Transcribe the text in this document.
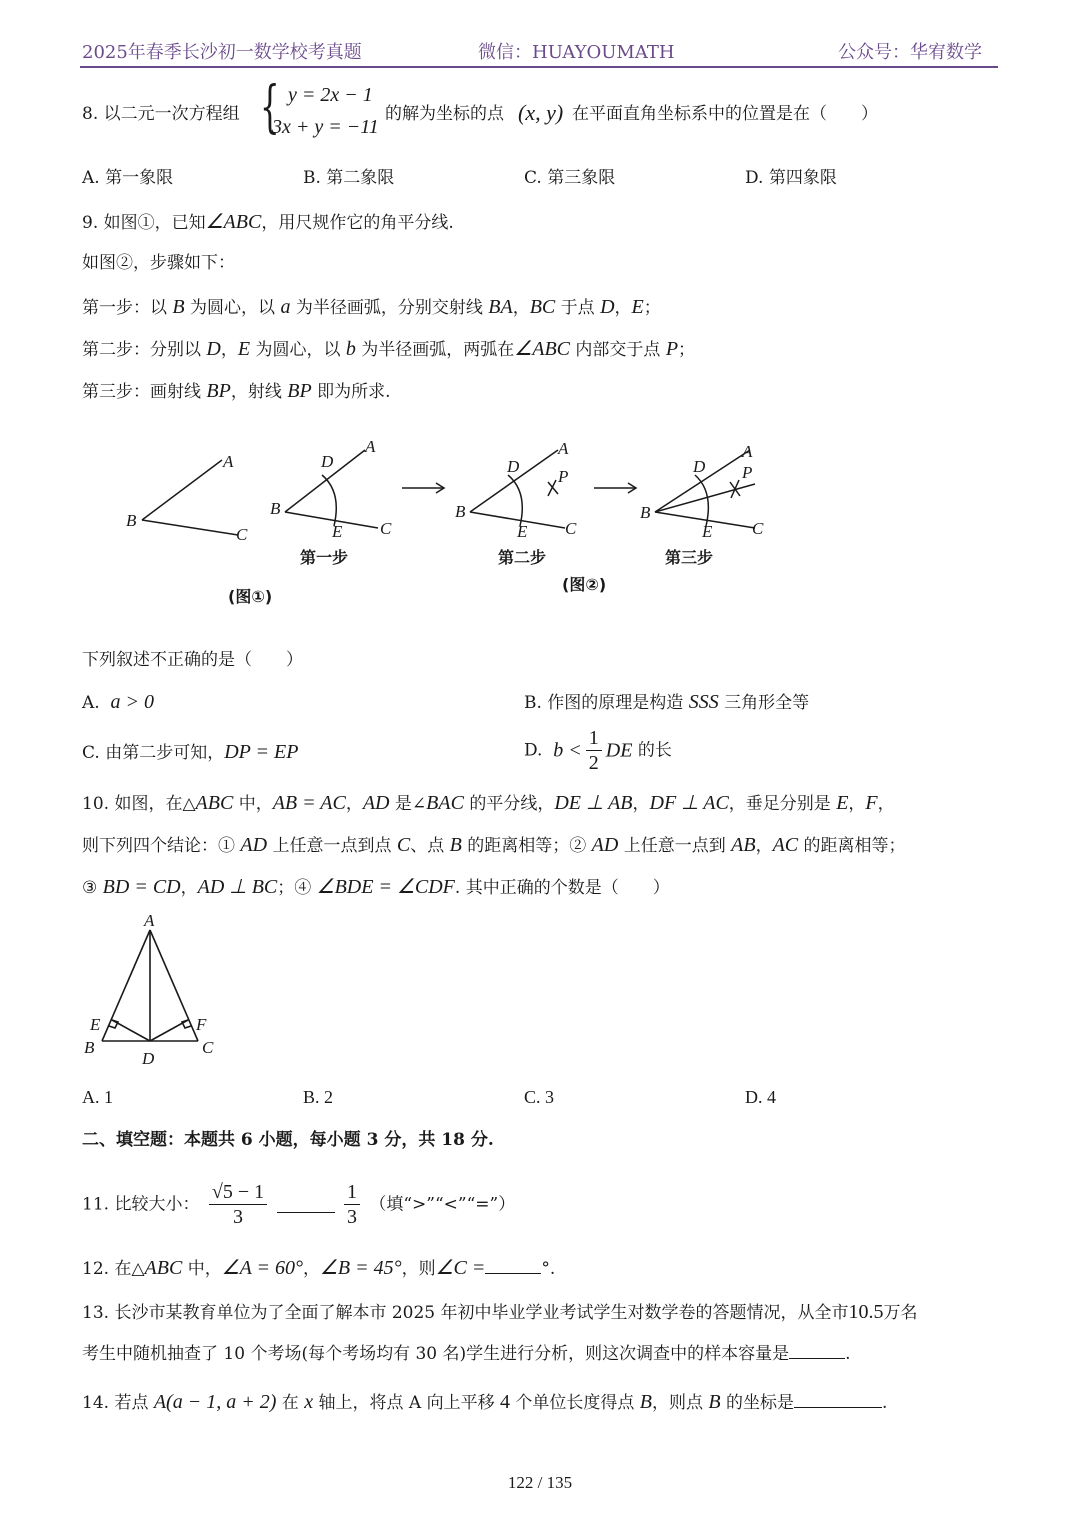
2025年春季长沙初一数学校考真题	微信：HUAYOUMATH	公众号：华宥数学
8. 以二元一次方程组 { y = 2x − 1
3x + y = −11
的解为坐标的点 (x, y) 在平面直角坐标系中的位置是在（　　）
A. 第一象限	B. 第二象限	C. 第三象限	D. 第四象限
9. 如图①，已知∠ABC，用尺规作它的角平分线.
如图②，步骤如下：
第一步：以 B 为圆心，以 a 为半径画弧，分别交射线 BA，BC 于点 D，E；
第二步：分别以 D，E 为圆心，以 b 为半径画弧，两弧在∠ABC 内部交于点 P；
第三步：画射线 BP，射线 BP 即为所求.
A
B
C
(图①)
A
D
B
E C
第一步
A
D
P
B
E C
第二步
(图②)
A
D P
B
E C
第三步
下列叙述不正确的是（　　）
A. a > 0	B. 作图的原理是构造 SSS 三角形全等
C. 由第二步可知，DP = EP	D. $b < \frac{1}{2}$ DE 的长
10. 如图，在△ABC 中，AB = AC，AD 是∠BAC 的平分线，DE ⊥ AB，DF ⊥ AC，垂足分别是 E，F，
则下列四个结论：① AD 上任意一点到点 C、点 B 的距离相等；② AD 上任意一点到 AB，AC 的距离相等；
③ BD = CD，AD ⊥ BC；④ ∠BDE = ∠CDF. 其中正确的个数是（　　）
A
E	F
B	C
D
A. 1	B. 2	C. 3	D. 4
二、填空题：本题共 6 小题，每小题 3 分，共 18 分.
11. 比较大小： $\frac{√5 - 1}{3}$
	$\frac{1}{3}$ （填“>”“<”“=”）
12. 在△ABC 中，∠A = 60°，∠B = 45°，则∠C =	°.
13. 长沙市某教育单位为了全面了解本市 2025 年初中毕业学业考试学生对数学卷的答题情况，从全市10.5万名
考生中随机抽查了 10 个考场(每个考场均有 30 名)学生进行分析，则这次调查中的样本容量是	.
14. 若点 A(a − 1, a + 2) 在 x 轴上，将点 A 向上平移 4 个单位长度得点 B，则点 B 的坐标是	.
122 / 135
